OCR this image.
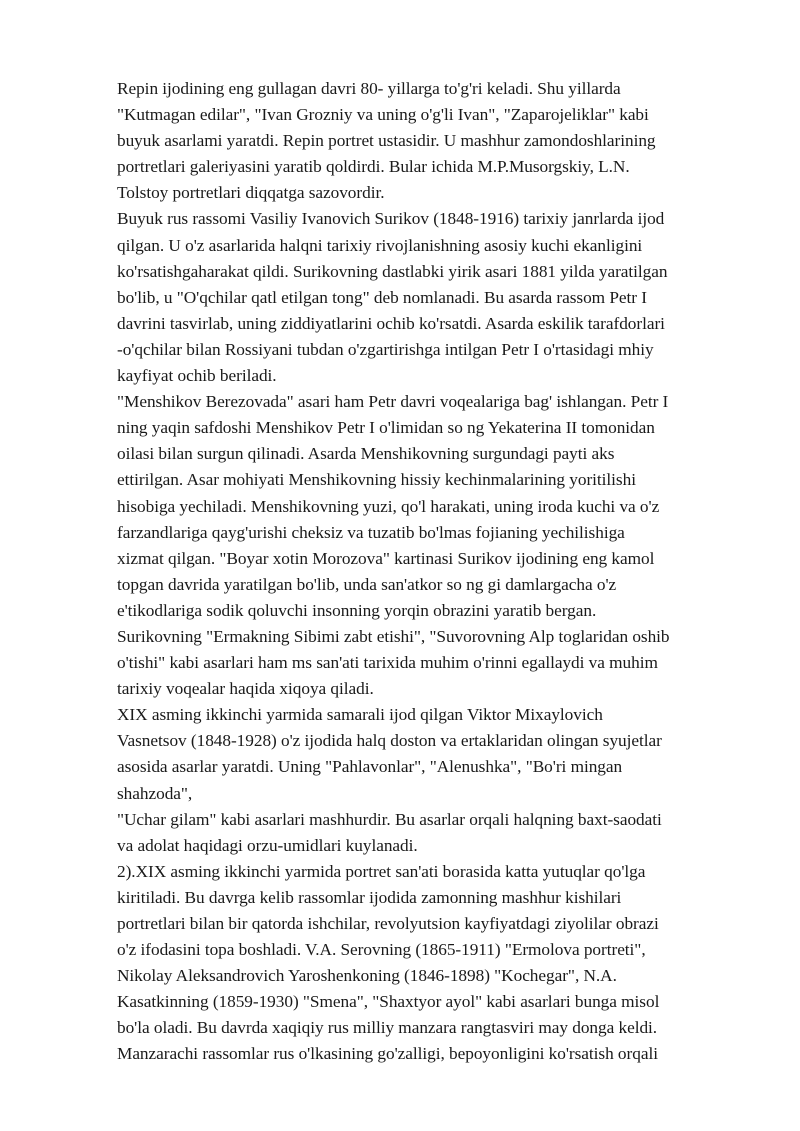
Repin ijodining eng gullagan davri 80- yillarga to'g'ri keladi. Shu yillarda
"Kutmagan edilar", "Ivan Grozniy va uning o'g'li Ivan", "Zaparojeliklar" kabi
buyuk asarlami yaratdi. Repin portret ustasidir. U mashhur zamondoshlarining
portretlari galeriyasini yaratib qoldirdi. Bular ichida M.P.Musorgskiy, L.N.
Tolstoy portretlari diqqatga sazovordir.
Buyuk rus rassomi Vasiliy Ivanovich Surikov (1848-1916) tarixiy janrlarda ijod
qilgan. U o'z asarlarida halqni tarixiy rivojlanishning asosiy kuchi ekanligini
ko'rsatishgaharakat qildi. Surikovning dastlabki yirik asari 1881 yilda yaratilgan
bo'lib, u "O'qchilar qatl etilgan tong" deb nomlanadi. Bu asarda rassom Petr I
davrini tasvirlab, uning ziddiyatlarini ochib ko'rsatdi. Asarda eskilik tarafdorlari
-o'qchilar bilan Rossiyani tubdan o'zgartirishga intilgan Petr I o'rtasidagi mhiy
kayfiyat ochib beriladi.
"Menshikov Berezovada" asari ham Petr davri voqealariga bag' ishlangan. Petr I
ning yaqin safdoshi Menshikov Petr I o'limidan so ng Yekaterina II tomonidan
oilasi bilan surgun qilinadi. Asarda Menshikovning surgundagi payti aks
ettirilgan. Asar mohiyati Menshikovning hissiy kechinmalarining yoritilishi
hisobiga yechiladi. Menshikovning yuzi, qo'l harakati, uning iroda kuchi va o'z
farzandlariga qayg'urishi cheksiz va tuzatib bo'lmas fojianing yechilishiga
xizmat qilgan. "Boyar xotin Morozova" kartinasi Surikov ijodining eng kamol
topgan davrida yaratilgan bo'lib, unda san'atkor so ng gi damlargacha o'z
e'tikodlariga sodik qoluvchi insonning yorqin obrazini yaratib bergan.
Surikovning "Ermakning Sibimi zabt etishi", "Suvorovning Alp toglaridan oshib
o'tishi" kabi asarlari ham ms san'ati tarixida muhim o'rinni egallaydi va muhim
tarixiy voqealar haqida xiqoya qiladi.
XIX asming ikkinchi yarmida samarali ijod qilgan Viktor Mixaylovich
Vasnetsov (1848-1928) o'z ijodida halq doston va ertaklaridan olingan syujetlar
asosida asarlar yaratdi. Uning "Pahlavonlar", "Alenushka", "Bo'ri mingan
shahzoda",
"Uchar gilam" kabi asarlari mashhurdir. Bu asarlar orqali halqning baxt-saodati
va adolat haqidagi orzu-umidlari kuylanadi.
2).XIX asming ikkinchi yarmida portret san'ati borasida katta yutuqlar qo'lga
kiritiladi. Bu davrga kelib rassomlar ijodida zamonning mashhur kishilari
portretlari bilan bir qatorda ishchilar, revolyutsion kayfiyatdagi ziyolilar obrazi
o'z ifodasini topa boshladi. V.A. Serovning (1865-1911) "Ermolova portreti",
Nikolay Aleksandrovich Yaroshenkoning (1846-1898) "Kochegar", N.A.
Kasatkinning (1859-1930) "Smena", "Shaxtyor ayol" kabi asarlari bunga misol
bo'la oladi. Bu davrda xaqiqiy rus milliy manzara rangtasviri may donga keldi.
Manzarachi rassomlar rus o'lkasining go'zalligi, bepoyonligini ko'rsatish orqali
